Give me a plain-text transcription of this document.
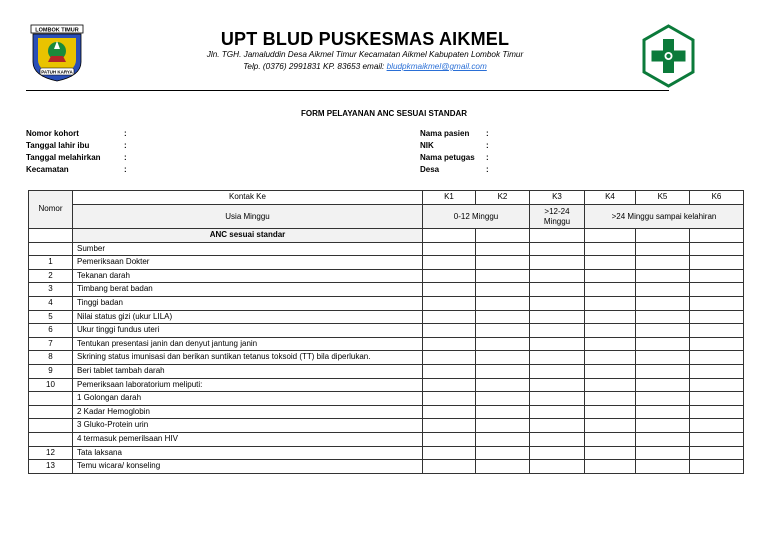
LOMBOK TIMUR
PATUH KARYA
UPT BLUD PUSKESMAS AIKMEL
Jln. TGH. Jamaluddin Desa Aikmel Timur Kecamatan Aikmel Kabupaten Lombok Timur
Telp. (0376) 2991831 KP. 83653 email: bludpkmaikmel@gmail.com
FORM PELAYANAN ANC SESUAI STANDAR
Nomor kohort	:
Tanggal lahir ibu	:
Tanggal melahirkan	:
Kecamatan	:
Nama pasien :
NIK	:
Nama petugas :
Desa	:
Nomor	Kontak Ke	K1	K2	K3	K4	K5	K6
	Usia Minggu	0-12 Minggu		>12-24 Minggu	>24 Minggu sampai kelahiran		
	ANC sesuai standar						
	Sumber						
1	Pemeriksaan Dokter						
2	Tekanan darah						
3	Timbang berat badan						
4	Tinggi badan						
5	Nilai status gizi (ukur LILA)						
6	Ukur tinggi fundus uteri						
7	Tentukan presentasi janin dan denyut jantung janin						
8	Skrining status imunisasi dan berikan suntikan tetanus toksoid (TT) bila diperlukan.						
9	Beri tablet tambah darah						
10	Pemeriksaan laboratorium meliputi:						
	1 Golongan darah						
	2 Kadar Hemoglobin						
	3 Gluko-Protein urin						
	4 termasuk pemerilsaan HIV						
12	Tata laksana						
13	Temu wicara/ konseling						
